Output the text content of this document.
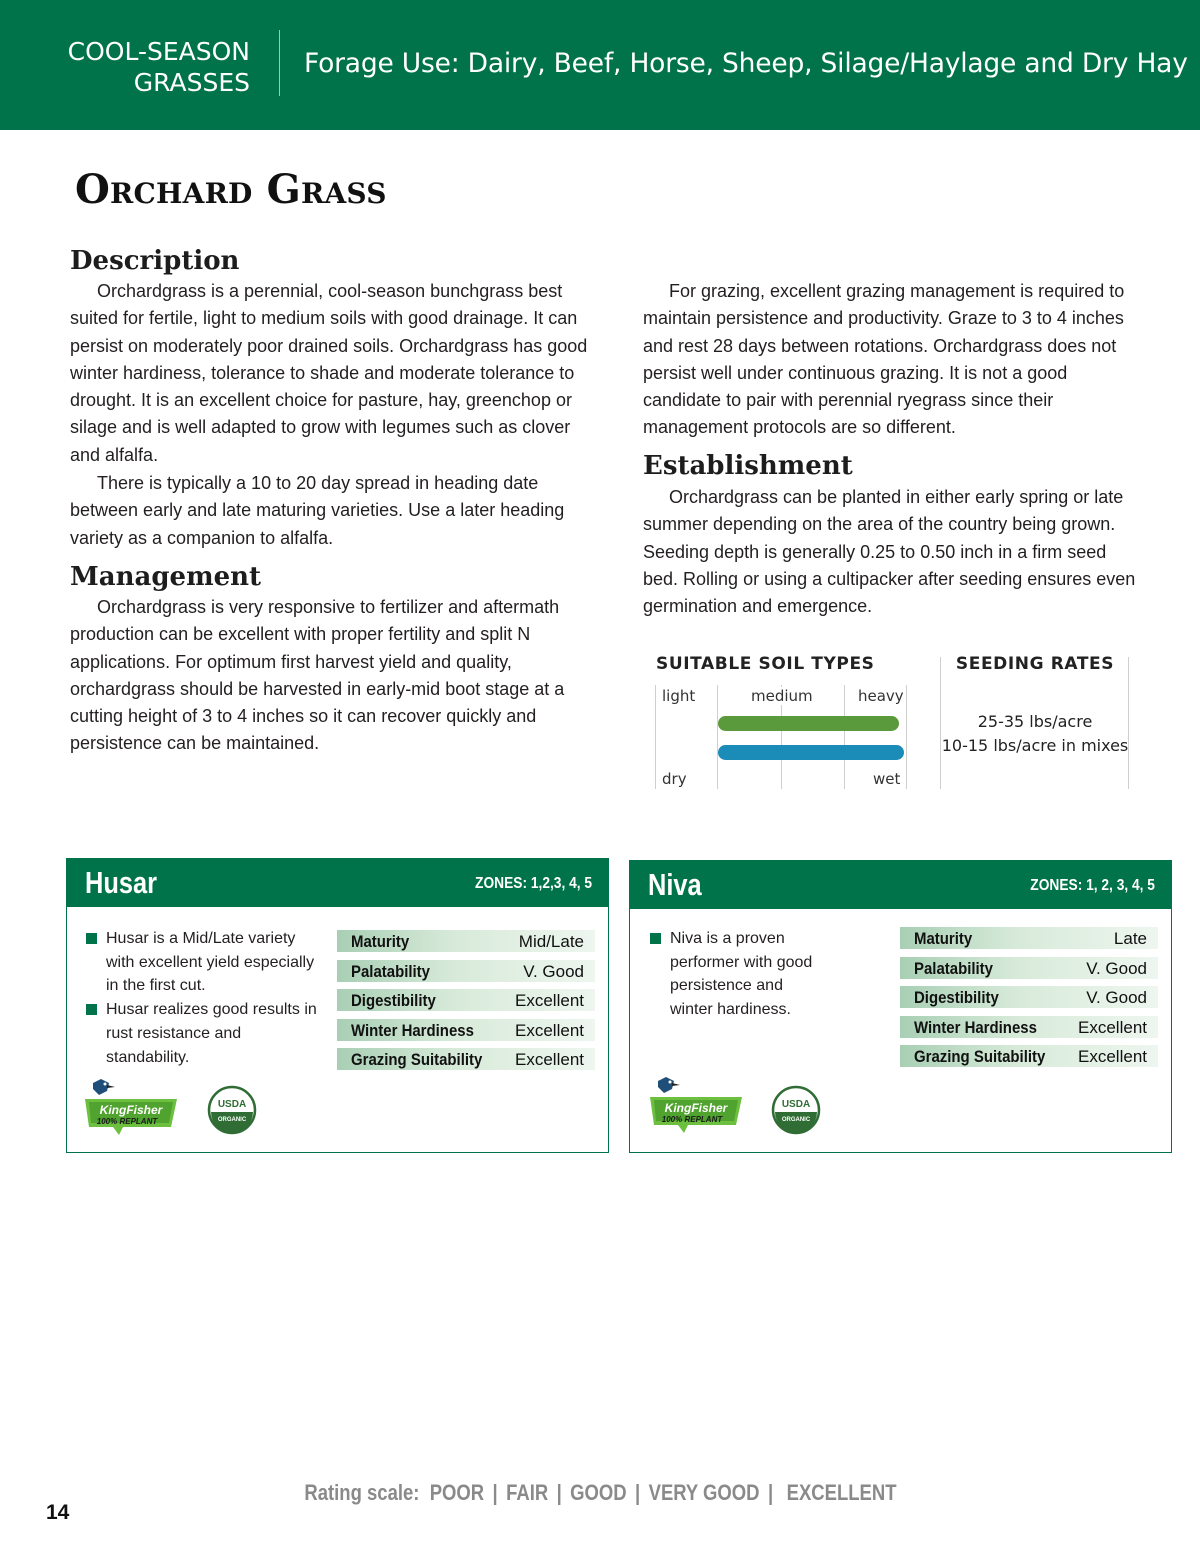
COOL-SEASON
GRASSES
Forage Use: Dairy, Beef, Horse, Sheep, Silage/Haylage and Dry Hay
Orchard Grass
Description

Orchardgrass is a perennial, cool-season bunchgrass best suited for fertile, light to medium soils with good drainage. It can persist on moderately poor drained soils. Orchardgrass has good winter hardiness, tolerance to shade and moderate tolerance to drought. It is an excellent choice for pasture, hay, greenchop or silage and is well adapted to grow with legumes such as clover and alfalfa.

There is typically a 10 to 20 day spread in heading date between early and late maturing varieties. Use a later heading variety as a companion to alfalfa.

Management

Orchardgrass is very responsive to fertilizer and aftermath production can be excellent with proper fertility and split N applications. For optimum first harvest yield and quality, orchardgrass should be harvested in early-mid boot stage at a cutting height of 3 to 4 inches so it can recover quickly and persistence can be maintained.

For grazing, excellent grazing management is required to maintain persistence and productivity. Graze to 3 to 4 inches and rest 28 days between rotations. Orchardgrass does not persist well under continuous grazing. It is not a good candidate to pair with perennial ryegrass since their management protocols are so different.

Establishment

Orchardgrass can be planted in either early spring or late summer depending on the area of the country being grown. Seeding depth is generally 0.25 to 0.50 inch in a firm seed bed. Rolling or using a cultipacker after seeding ensures even germination and emergence.

SUITABLE SOIL TYPES
light	medium	heavy
dry	wet
SEEDING RATES
25-35 lbs/acre
10-15 lbs/acre in mixes
Husar	ZONES: 1,2,3, 4, 5
Husar is a Mid/Late variety with excellent yield especially in the first cut.
Husar realizes good results in rust resistance and standability.
Maturity	Mid/Late
Palatability	V. Good
Digestibility	Excellent
Winter Hardiness Excellent
Grazing Suitability Excellent
KingFisher
100% REPLANT
USDA
ORGANIC
Niva	ZONES: 1, 2, 3, 4, 5
Niva is a proven performer with good persistence and winter hardiness.
Maturity	Late
Palatability	V. Good
Digestibility	V. Good
Winter Hardiness Excellent
Grazing Suitability Excellent
KingFisher
100% REPLANT
USDA
ORGANIC
Rating scale: POOR | FAIR | GOOD | VERY GOOD | EXCELLENT
14
